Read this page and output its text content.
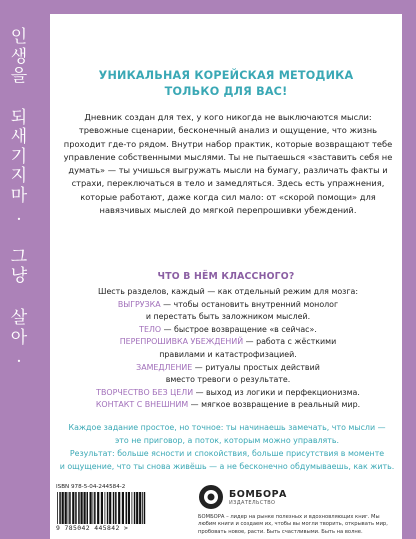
인
생
을
되
새
기
지
마
.
그
냥
살
아
.
УНИКАЛЬНАЯ КОРЕЙСКАЯ МЕТОДИКА
ТОЛЬКО ДЛЯ ВАС!

Дневник создан для тех, у кого никогда не выключаются мысли: тревожные сценарии, бесконечный анализ и ощущение, что жизнь проходит где-то рядом. Внутри набор практик, которые возвращают тебе управление собственными мыслями. Ты не пытаешься «заставить себя не думать» — ты учишься выгружать мысли на бумагу, различать факты и страхи, переключаться в тело и замедляться. Здесь есть упражнения, которые работают, даже когда сил мало: от «скорой помощи» для навязчивых мыслей до мягкой перепрошивки убеждений.

ЧТО В НЁМ КЛАССНОГО?
Шесть разделов, каждый — как отдельный режим для мозга:
ВЫГРУЗКА — чтобы остановить внутренний монолог
и перестать быть заложником мыслей.
ТЕЛО — быстрое возвращение «в сейчас».
ПЕРЕПРОШИВКА УБЕЖДЕНИЙ — работа с жёсткими
правилами и катастрофизацией.
ЗАМЕДЛЕНИЕ — ритуалы простых действий
вместо тревоги о результате.
ТВОРЧЕСТВО БЕЗ ЦЕЛИ — выход из логики и перфекционизма.
КОНТАКТ С ВНЕШНИМ — мягкое возвращение в реальный мир.
Каждое задание простое, но точное: ты начинаешь замечать, что мысли —
это не приговор, а поток, которым можно управлять.
Результат: больше ясности и спокойствия, больше присутствия в моменте
и ощущение, что ты снова живёшь — а не бесконечно обдумываешь, как жить.
ISBN 978-5-04-244584-2
9 785042 445842 >
БОМБОРА
ИЗДАТЕЛЬСТВО
БОМБОРА – лидер на рынке полезных и вдохновляющих книг. Мы любим книги и создаем их, чтобы вы могли творить, открывать мир, пробовать новое, расти. Быть счастливыми. Быть на волне.
